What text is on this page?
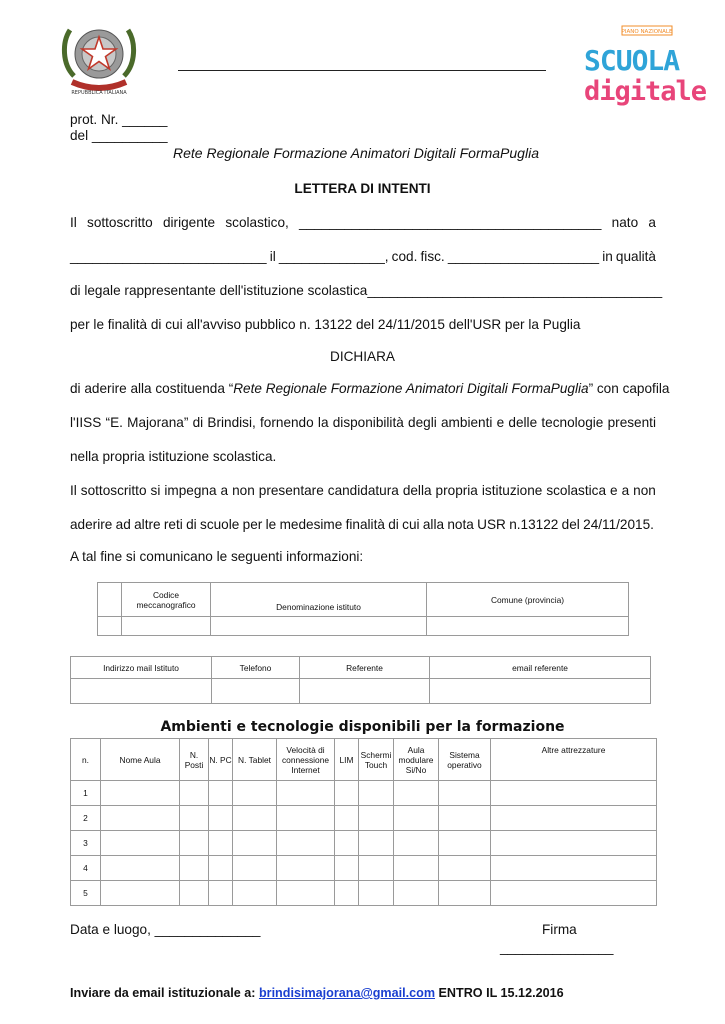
REPUBBLICA ITALIANA
PIANO NAZIONALE
SCUOLA
digitale
prot. Nr. ______
del __________
Rete Regionale Formazione Animatori Digitali FormaPuglia
LETTERA DI INTENTI
Il sottoscritto dirigente scolastico, ________________________________________ nato a
__________________________ il ______________, cod. fisc. ____________________ in qualità
di legale rappresentante dell'istituzione scolastica _______________________________________
per le finalità di cui all'avviso pubblico n. 13122 del 24/11/2015 dell'USR per la Puglia
DICHIARA
di aderire alla costituenda “ Rete Regionale Formazione Animatori Digitali FormaPuglia ” con capofila
l'IISS “E. Majorana” di Brindisi, fornendo la disponibilità degli ambienti e delle tecnologie presenti
nella propria istituzione scolastica.
Il sottoscritto si impegna a non presentare candidatura della propria istituzione scolastica e a non
aderire ad altre reti di scuole per le medesime finalità di cui alla nota USR n.13122 del 24/11/2015.
A tal fine si comunicano le seguenti informazioni:
	Codice meccanografico	Denominazione istituto	Comune (provincia)

Indirizzo mail Istituto	Telefono	Referente	email referente

Ambienti e tecnologie disponibili per la formazione
n.	Nome Aula	N. Posti	N. PC	N. Tablet	Velocità di connessione Internet	LIM	Schermi Touch	Aula modulare Si/No	Sistema operativo	Altre attrezzature
1										
2										
3										
4										
5										
Data e luogo, ______________	Firma
_______________
Inviare da email istituzionale a: brindisimajorana@gmail.com ENTRO IL 15.12.2016
